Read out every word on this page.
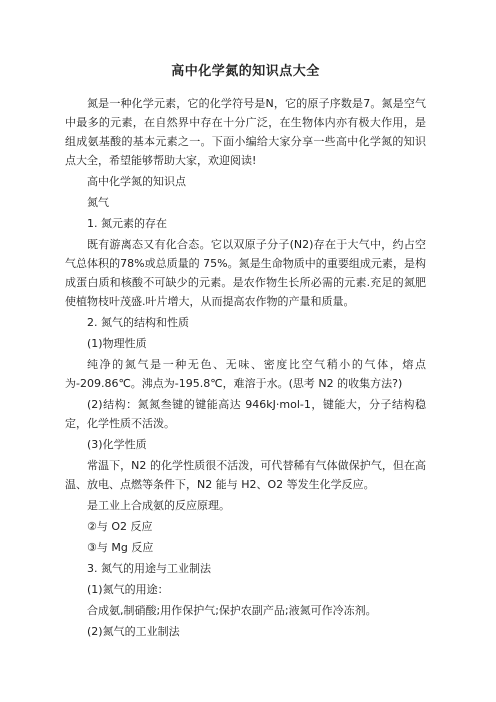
高中化学氮的知识点大全

氮是一种化学元素，它的化学符号是N，它的原子序数是7。氮是空气中最多的元素，在自然界中存在十分广泛，在生物体内亦有极大作用，是组成氨基酸的基本元素之一。下面小编给大家分享一些高中化学氮的知识点大全，希望能够帮助大家，欢迎阅读!

高中化学氮的知识点

氮气

1. 氮元素的存在

既有游离态又有化合态。它以双原子分子(N2)存在于大气中，约占空气总体积的78%或总质量的 75%。氮是生命物质中的重要组成元素，是构成蛋白质和核酸不可缺少的元素。是农作物生长所必需的元素.充足的氮肥使植物枝叶茂盛.叶片增大，从而提高农作物的产量和质量。

2. 氮气的结构和性质

(1)物理性质

纯净的氮气是一种无色、无味、密度比空气稍小的气体，熔点为-209.86℃。沸点为-195.8℃，难溶于水。(思考 N2 的收集方法?)

(2)结构：氮氮叁键的键能高达 946kJ·mol-1，键能大，分子结构稳定，化学性质不活泼。

(3)化学性质

常温下，N2 的化学性质很不活泼，可代替稀有气体做保护气，但在高温、放电、点燃等条件下，N2 能与 H2、O2 等发生化学反应。

是工业上合成氨的反应原理。

②与 O2 反应

③与 Mg 反应

3. 氮气的用途与工业制法

(1)氮气的用途：

合成氨,制硝酸;用作保护气;保护农副产品;液氮可作冷冻剂。

(2)氮气的工业制法
